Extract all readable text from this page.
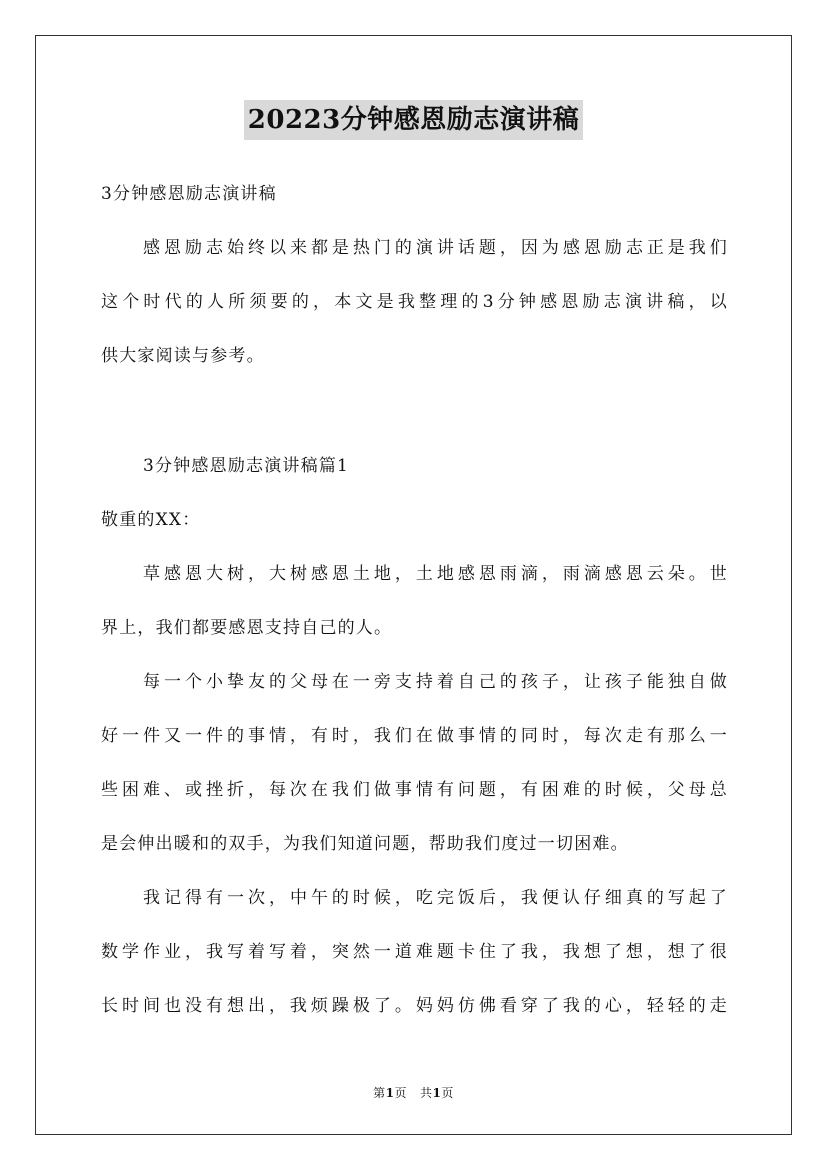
20223分钟感恩励志演讲稿
3分钟感恩励志演讲稿
感恩励志始终以来都是热门的演讲话题，因为感恩励志正是我们
这个时代的人所须要的，本文是我整理的3分钟感恩励志演讲稿，以
供大家阅读与参考。
3分钟感恩励志演讲稿篇1
敬重的XX：
草感恩大树，大树感恩土地，土地感恩雨滴，雨滴感恩云朵。世
界上，我们都要感恩支持自己的人。
每一个小挚友的父母在一旁支持着自己的孩子，让孩子能独自做
好一件又一件的事情，有时，我们在做事情的同时，每次走有那么一
些困难、或挫折，每次在我们做事情有问题，有困难的时候，父母总
是会伸出暖和的双手，为我们知道问题，帮助我们度过一切困难。
我记得有一次，中午的时候，吃完饭后，我便认仔细真的写起了
数学作业，我写着写着，突然一道难题卡住了我，我想了想，想了很
长时间也没有想出，我烦躁极了。妈妈仿佛看穿了我的心，轻轻的走
第1页 共1页
